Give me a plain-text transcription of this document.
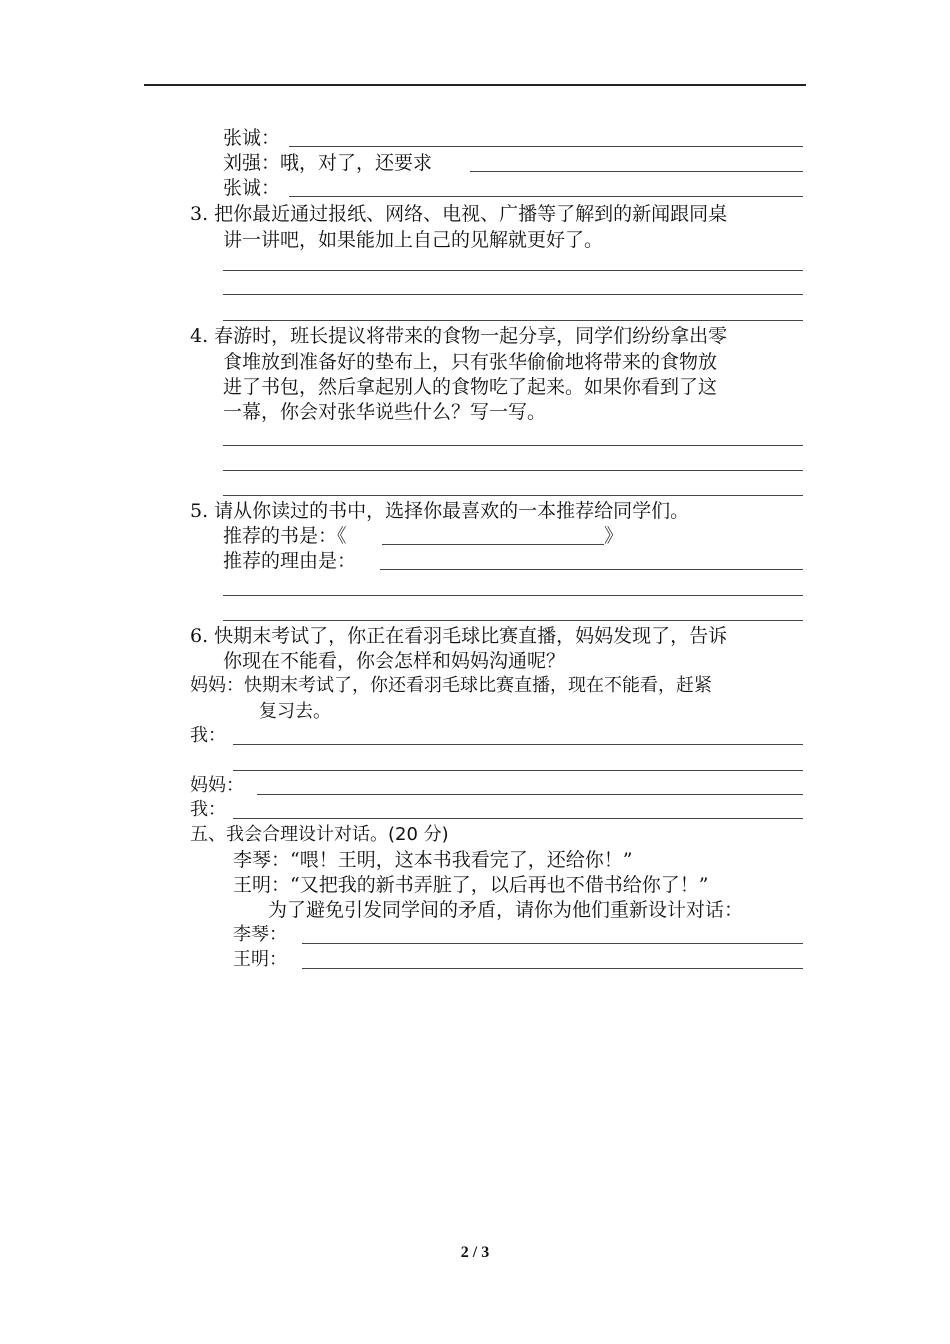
张诚：
刘强：哦，对了，还要求
张诚：
3. 把你最近通过报纸、网络、电视、广播等了解到的新闻跟同桌
讲一讲吧，如果能加上自己的见解就更好了。
4. 春游时，班长提议将带来的食物一起分享，同学们纷纷拿出零
食堆放到准备好的垫布上，只有张华偷偷地将带来的食物放
进了书包，然后拿起别人的食物吃了起来。如果你看到了这
一幕，你会对张华说些什么？写一写。
5. 请从你读过的书中，选择你最喜欢的一本推荐给同学们。
推荐的书是：《	》
推荐的理由是：
6. 快期末考试了，你正在看羽毛球比赛直播，妈妈发现了，告诉
你现在不能看，你会怎样和妈妈沟通呢？
妈妈：快期末考试了，你还看羽毛球比赛直播，现在不能看，赶紧
复习去。
我：
妈妈：
我：
五、我会合理设计对话。(20 分)
李琴：“喂！王明，这本书我看完了，还给你！”
王明：“又把我的新书弄脏了，以后再也不借书给你了！”
为了避免引发同学间的矛盾，请你为他们重新设计对话：
李琴：
王明：
2 / 3
